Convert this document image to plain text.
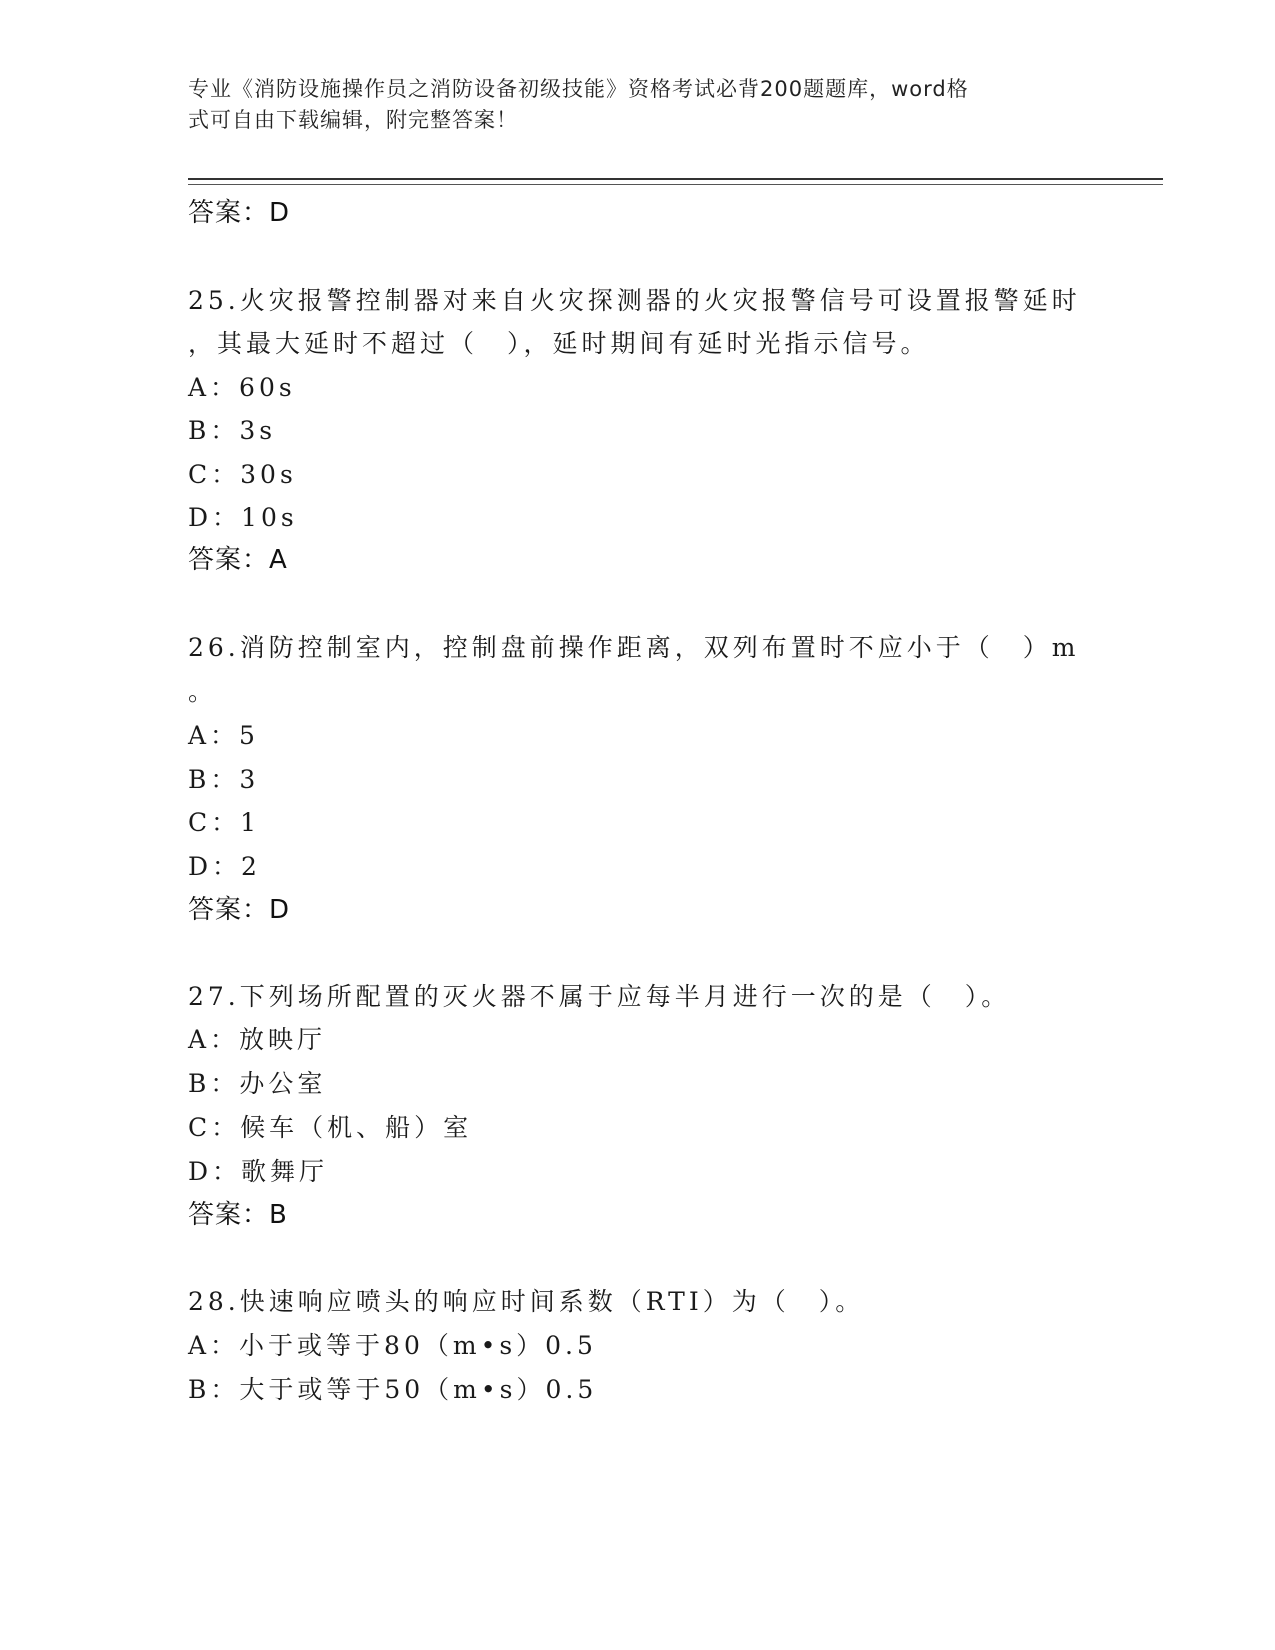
专业《消防设施操作员之消防设备初级技能》资格考试必背200题题库，word格
式可自由下载编辑，附完整答案！
答案：D
25.火灾报警控制器对来自火灾探测器的火灾报警信号可设置报警延时
，其最大延时不超过（　），延时期间有延时光指示信号。
A：60s
B：3s
C：30s
D：10s
答案：A
26.消防控制室内，控制盘前操作距离，双列布置时不应小于（　）m
。
A：5
B：3
C：1
D：2
答案：D
27.下列场所配置的灭火器不属于应每半月进行一次的是（　）。
A：放映厅
B：办公室
C：候车（机、船）室
D：歌舞厅
答案：B
28.快速响应喷头的响应时间系数（RTI）为（　）。
A：小于或等于80（m•s）0.5
B：大于或等于50（m•s）0.5
